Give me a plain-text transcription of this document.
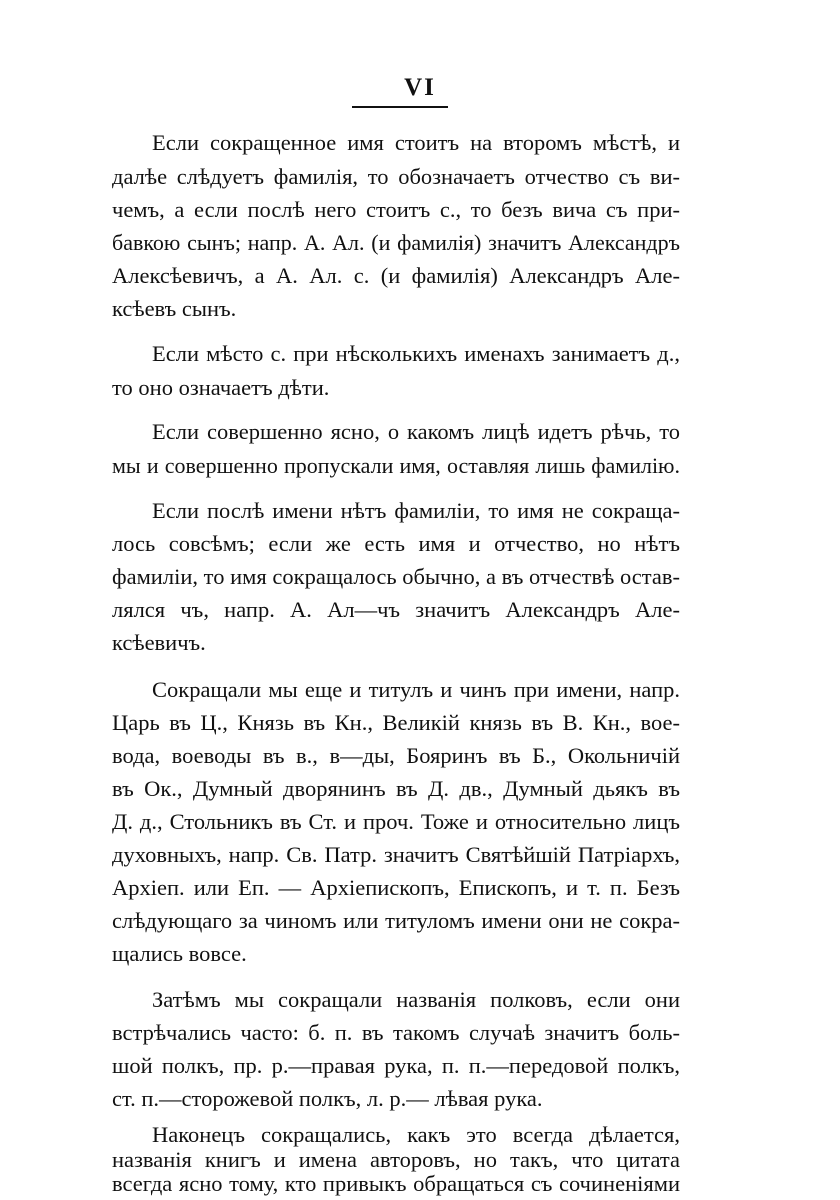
VI
Если сокращенное имя стоитъ на второмъ мѣстѣ, и
далѣе слѣдуетъ фамилія, то обозначаетъ отчество съ ви-
чемъ, а если послѣ него стоитъ с., то безъ вича съ при-
бавкою сынъ; напр. А. Ал. (и фамилія) значитъ Александръ
Алексѣевичъ, а А. Ал. с. (и фамилія) Александръ Але-
ксѣевъ сынъ.
Если мѣсто с. при нѣсколькихъ именахъ занимаетъ д.,
то оно означаетъ дѣти.
Если совершенно ясно, о какомъ лицѣ идетъ рѣчь, то
мы и совершенно пропускали имя, оставляя лишь фамилію.
Если послѣ имени нѣтъ фамиліи, то имя не сокраща-
лось совсѣмъ; если же есть имя и отчество, но нѣтъ
фамиліи, то имя сокращалось обычно, а въ отчествѣ остав-
лялся чъ, напр. А. Ал—чъ значитъ Александръ Але-
ксѣевичъ.
Сокращали мы еще и титулъ и чинъ при имени, напр.
Царь въ Ц., Князь въ Кн., Великій князь въ В. Кн., вое-
вода, воеводы въ в., в—ды, Бояринъ въ Б., Окольничій
въ Ок., Думный дворянинъ въ Д. дв., Думный дьякъ въ
Д. д., Стольникъ въ Ст. и проч. Тоже и относительно лицъ
духовныхъ, напр. Св. Патр. значитъ Святѣйшій Патріархъ,
Архіеп. или Еп. — Архіепископъ, Епископъ, и т. п. Безъ
слѣдующаго за чиномъ или титуломъ имени они не сокра-
щались вовсе.
Затѣмъ мы сокращали названія полковъ, если они
встрѣчались часто: б. п. въ такомъ случаѣ значитъ боль-
шой полкъ, пр. р.—правая рука, п. п.—передовой полкъ,
ст. п.—сторожевой полкъ, л. р.— лѣвая рука.
Наконецъ сокращались, какъ это всегда дѣлается,
названія книгъ и имена авторовъ, но такъ, что цитата
всегда ясно тому, кто привыкъ обращаться съ сочиненіями
